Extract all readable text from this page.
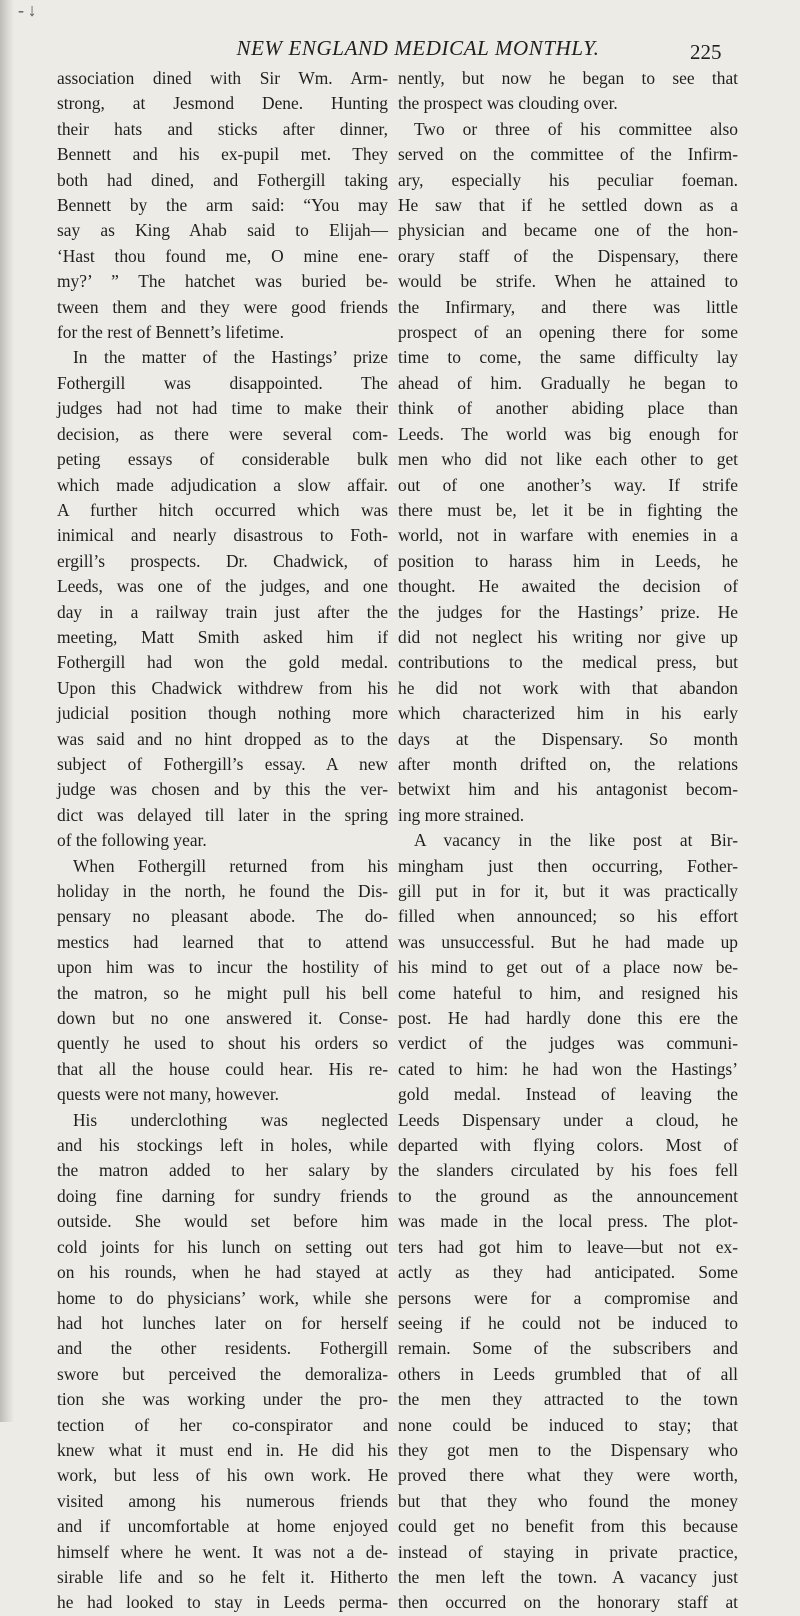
- ↓
NEW ENGLAND MEDICAL MONTHLY.	225
association dined with Sir Wm. Arm-
strong, at Jesmond Dene. Hunting
their hats and sticks after dinner,
Bennett and his ex-pupil met. They
both had dined, and Fothergill taking
Bennett by the arm said: “You may
say as King Ahab said to Elijah—
‘Hast thou found me, O mine ene-
my?’ ” The hatchet was buried be-
tween them and they were good friends
for the rest of Bennett’s lifetime.
In the matter of the Hastings’ prize
Fothergill was disappointed. The
judges had not had time to make their
decision, as there were several com-
peting essays of considerable bulk
which made adjudication a slow affair.
A further hitch occurred which was
inimical and nearly disastrous to Foth-
ergill’s prospects. Dr. Chadwick, of
Leeds, was one of the judges, and one
day in a railway train just after the
meeting, Matt Smith asked him if
Fothergill had won the gold medal.
Upon this Chadwick withdrew from his
judicial position though nothing more
was said and no hint dropped as to the
subject of Fothergill’s essay. A new
judge was chosen and by this the ver-
dict was delayed till later in the spring
of the following year.
When Fothergill returned from his
holiday in the north, he found the Dis-
pensary no pleasant abode. The do-
mestics had learned that to attend
upon him was to incur the hostility of
the matron, so he might pull his bell
down but no one answered it. Conse-
quently he used to shout his orders so
that all the house could hear. His re-
quests were not many, however.
His underclothing was neglected
and his stockings left in holes, while
the matron added to her salary by
doing fine darning for sundry friends
outside. She would set before him
cold joints for his lunch on setting out
on his rounds, when he had stayed at
home to do physicians’ work, while she
had hot lunches later on for herself
and the other residents. Fothergill
swore but perceived the demoraliza-
tion she was working under the pro-
tection of her co-conspirator and
knew what it must end in. He did his
work, but less of his own work. He
visited among his numerous friends
and if uncomfortable at home enjoyed
himself where he went. It was not a de-
sirable life and so he felt it. Hitherto
he had looked to stay in Leeds perma-
nently, but now he began to see that
the prospect was clouding over.
Two or three of his committee also
served on the committee of the Infirm-
ary, especially his peculiar foeman.
He saw that if he settled down as a
physician and became one of the hon-
orary staff of the Dispensary, there
would be strife. When he attained to
the Infirmary, and there was little
prospect of an opening there for some
time to come, the same difficulty lay
ahead of him. Gradually he began to
think of another abiding place than
Leeds. The world was big enough for
men who did not like each other to get
out of one another’s way. If strife
there must be, let it be in fighting the
world, not in warfare with enemies in a
position to harass him in Leeds, he
thought. He awaited the decision of
the judges for the Hastings’ prize. He
did not neglect his writing nor give up
contributions to the medical press, but
he did not work with that abandon
which characterized him in his early
days at the Dispensary. So month
after month drifted on, the relations
betwixt him and his antagonist becom-
ing more strained.
A vacancy in the like post at Bir-
mingham just then occurring, Fother-
gill put in for it, but it was practically
filled when announced; so his effort
was unsuccessful. But he had made up
his mind to get out of a place now be-
come hateful to him, and resigned his
post. He had hardly done this ere the
verdict of the judges was communi-
cated to him: he had won the Hastings’
gold medal. Instead of leaving the
Leeds Dispensary under a cloud, he
departed with flying colors. Most of
the slanders circulated by his foes fell
to the ground as the announcement
was made in the local press. The plot-
ters had got him to leave—but not ex-
actly as they had anticipated. Some
persons were for a compromise and
seeing if he could not be induced to
remain. Some of the subscribers and
others in Leeds grumbled that of all
the men they attracted to the town
none could be induced to stay; that
they got men to the Dispensary who
proved there what they were worth,
but that they who found the money
could get no benefit from this because
instead of staying in private practice,
the men left the town. A vacancy just
then occurred on the honorary staff at
